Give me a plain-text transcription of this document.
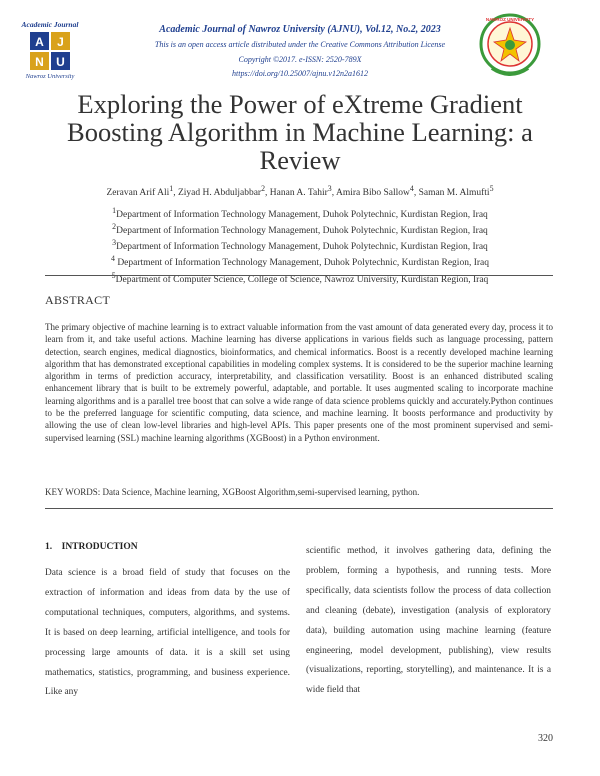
Academic Journal
A J
N U
Nawroz University
Academic Journal of Nawroz University (AJNU), Vol.12, No.2, 2023
This is an open access article distributed under the Creative Commons Attribution License
Copyright ©2017. e-ISSN: 2520-789X
https://doi.org/10.25007/ajnu.v12n2a1612
NAWROZ UNIVERSITY
Exploring the Power of eXtreme Gradient Boosting Algorithm in Machine Learning: a Review
Zeravan Arif Ali$^1$, Ziyad H. Abduljabbar$^2$, Hanan A. Tahir$^3$, Amira Bibo Sallow$^4$, Saman M. Almufti$^5$
$^1$Department of Information Technology Management, Duhok Polytechnic, Kurdistan Region, Iraq
$^2$Department of Information Technology Management, Duhok Polytechnic, Kurdistan Region, Iraq
$^3$Department of Information Technology Management, Duhok Polytechnic, Kurdistan Region, Iraq
$^4$ Department of Information Technology Management, Duhok Polytechnic, Kurdistan Region, Iraq
$^5$Department of Computer Science, College of Science, Nawroz University, Kurdistan Region, Iraq
ABSTRACT
The primary objective of machine learning is to extract valuable information from the vast amount of data generated every day, process it to learn from it, and take useful actions. Machine learning has diverse applications in various fields such as language processing, pattern detection, search engines, medical diagnostics, bioinformatics, and chemical informatics. Boost is a recently developed machine learning algorithm that has demonstrated exceptional capabilities in modeling complex systems. It is considered to be the superior machine learning algorithm in terms of prediction accuracy, interpretability, and classification versatility. Boost is an enhanced distributed scaling enhancement library that is built to be extremely powerful, adaptable, and portable. It uses augmented scaling to incorporate machine learning algorithms and is a parallel tree boost that can solve a wide range of data science problems quickly and accurately.Python continues to be the preferred language for scientific computing, data science, and machine learning. It boosts performance and productivity by allowing the use of clean low-level libraries and high-level APIs. This paper presents one of the most prominent supervised and semi-supervised learning (SSL) machine learning algorithms (XGBoost) in a Python environment.
KEY WORDS: Data Science, Machine learning, XGBoost Algorithm,semi-supervised learning, python.
1.    INTRODUCTION
Data science is a broad field of study that focuses on the extraction of information and ideas from data by the use of computational techniques, computers, algorithms, and systems. It is based on deep learning, artificial intelligence, and tools for processing large amounts of data. it is a skill set using mathematics, statistics, programming, and business experience. Like any
scientific method, it involves gathering data, defining the problem, forming a hypothesis, and running tests. More specifically, data scientists follow the process of data collection and cleaning (debate), investigation (analysis of exploratory data), building automation using machine learning (feature engineering, model development, publishing), view results (visualizations, reporting, storytelling), and maintenance. It is a wide field that
320
